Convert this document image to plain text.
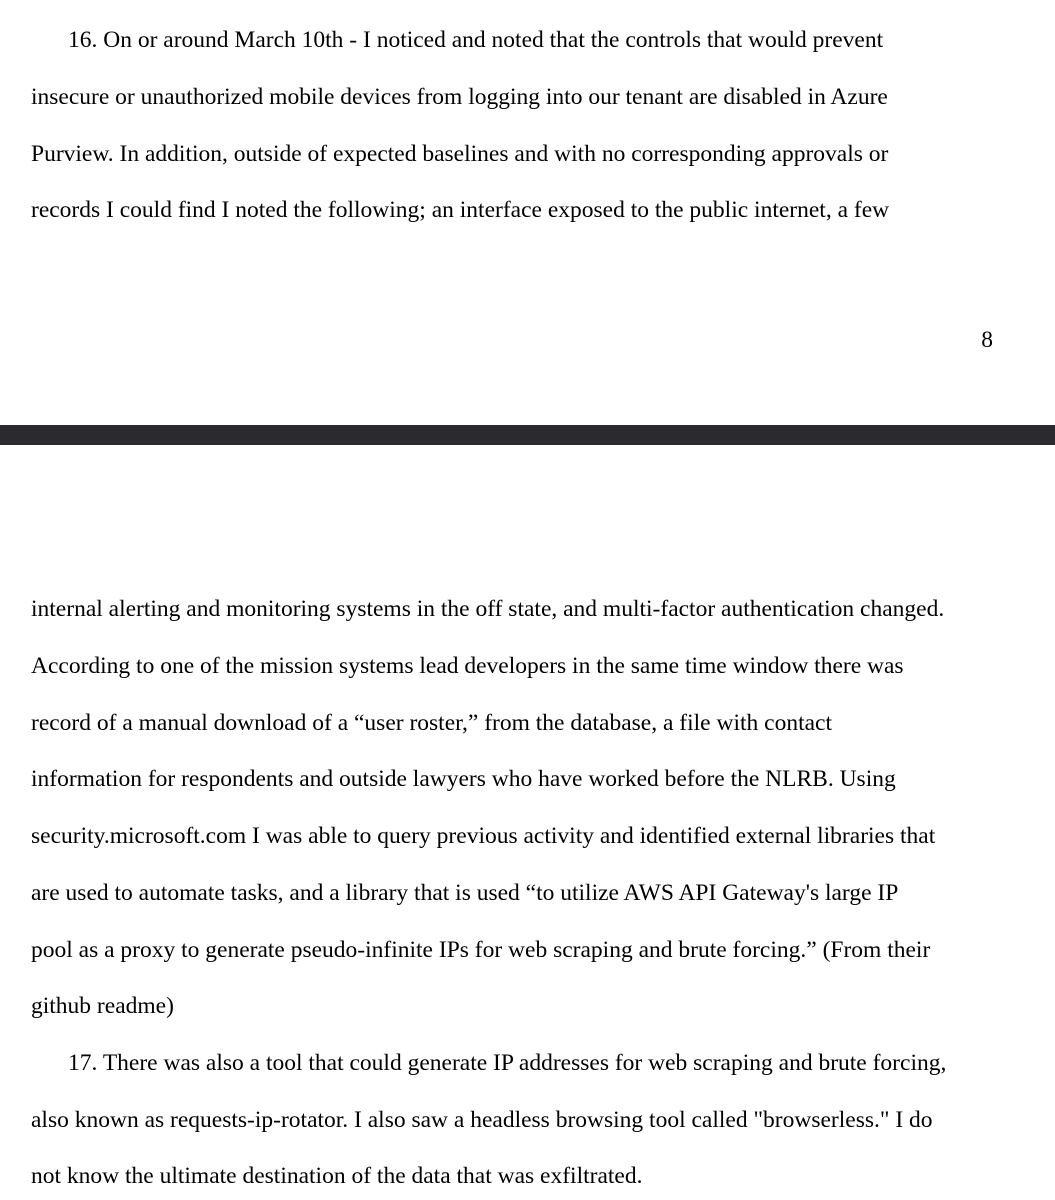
16. On or around March 10th - I noticed and noted that the controls that would prevent
insecure or unauthorized mobile devices from logging into our tenant are disabled in Azure
Purview. In addition, outside of expected baselines and with no corresponding approvals or
records I could find I noted the following; an interface exposed to the public internet, a few
8
internal alerting and monitoring systems in the off state, and multi-factor authentication changed.
According to one of the mission systems lead developers in the same time window there was
record of a manual download of a “user roster,” from the database, a file with contact
information for respondents and outside lawyers who have worked before the NLRB. Using
security.microsoft.com I was able to query previous activity and identified external libraries that
are used to automate tasks, and a library that is used “to utilize AWS API Gateway's large IP
pool as a proxy to generate pseudo-infinite IPs for web scraping and brute forcing.” (From their
github readme)
17. There was also a tool that could generate IP addresses for web scraping and brute forcing,
also known as requests-ip-rotator. I also saw a headless browsing tool called "browserless." I do
not know the ultimate destination of the data that was exfiltrated.
